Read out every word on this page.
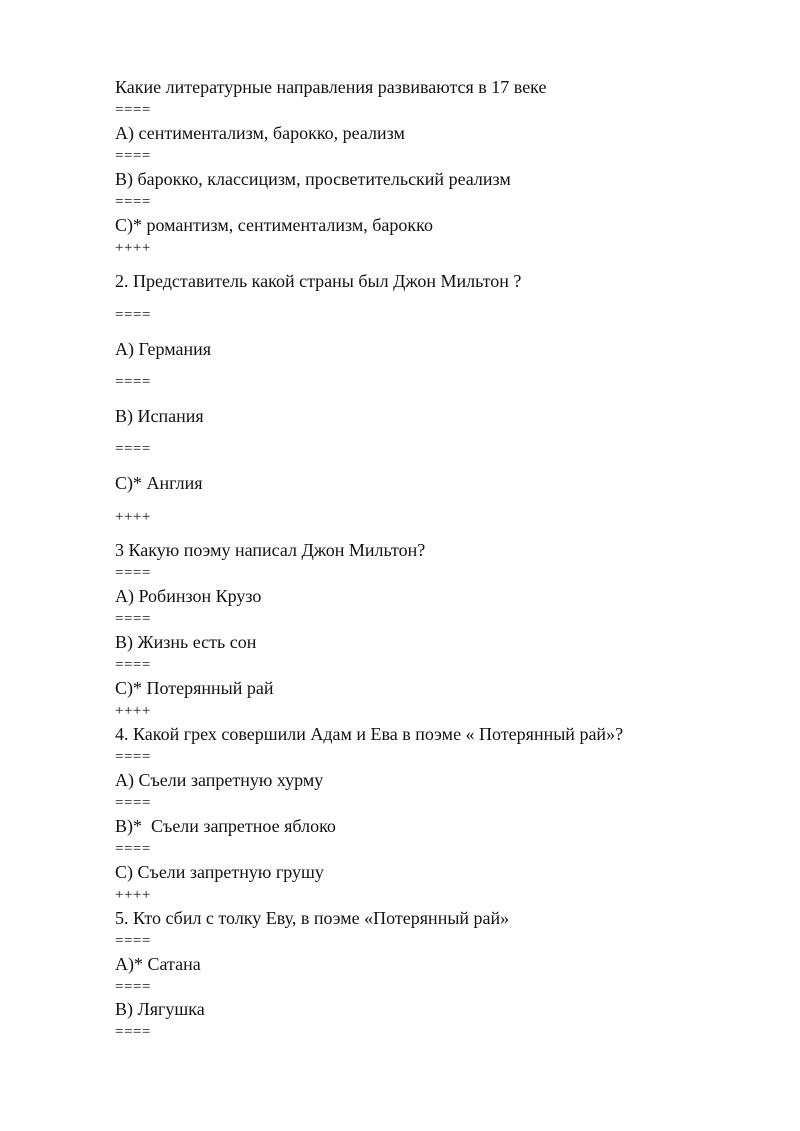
Какие литературные направления развиваются в 17 веке
====
A) сентиментализм, барокко, реализм
====
B) барокко, классицизм, просветительский реализм
====
C)* романтизм, сентиментализм, барокко
++++
2. Представитель какой страны был Джон Мильтон ?
====
A) Германия
====
B) Испания
====
C)* Англия
++++
3 Какую поэму написал Джон Мильтон?
====
A) Робинзон Крузо
====
B) Жизнь есть сон
====
C)* Потерянный рай
++++
4. Какой грех совершили Адам и Ева в поэме « Потерянный рай»?
====
A) Съели запретную хурму
====
B)*  Съели запретное яблоко
====
C) Съели запретную грушу
++++
5. Кто сбил с толку Еву, в поэме «Потерянный рай»
====
A)* Сатана
====
B) Лягушка
====
